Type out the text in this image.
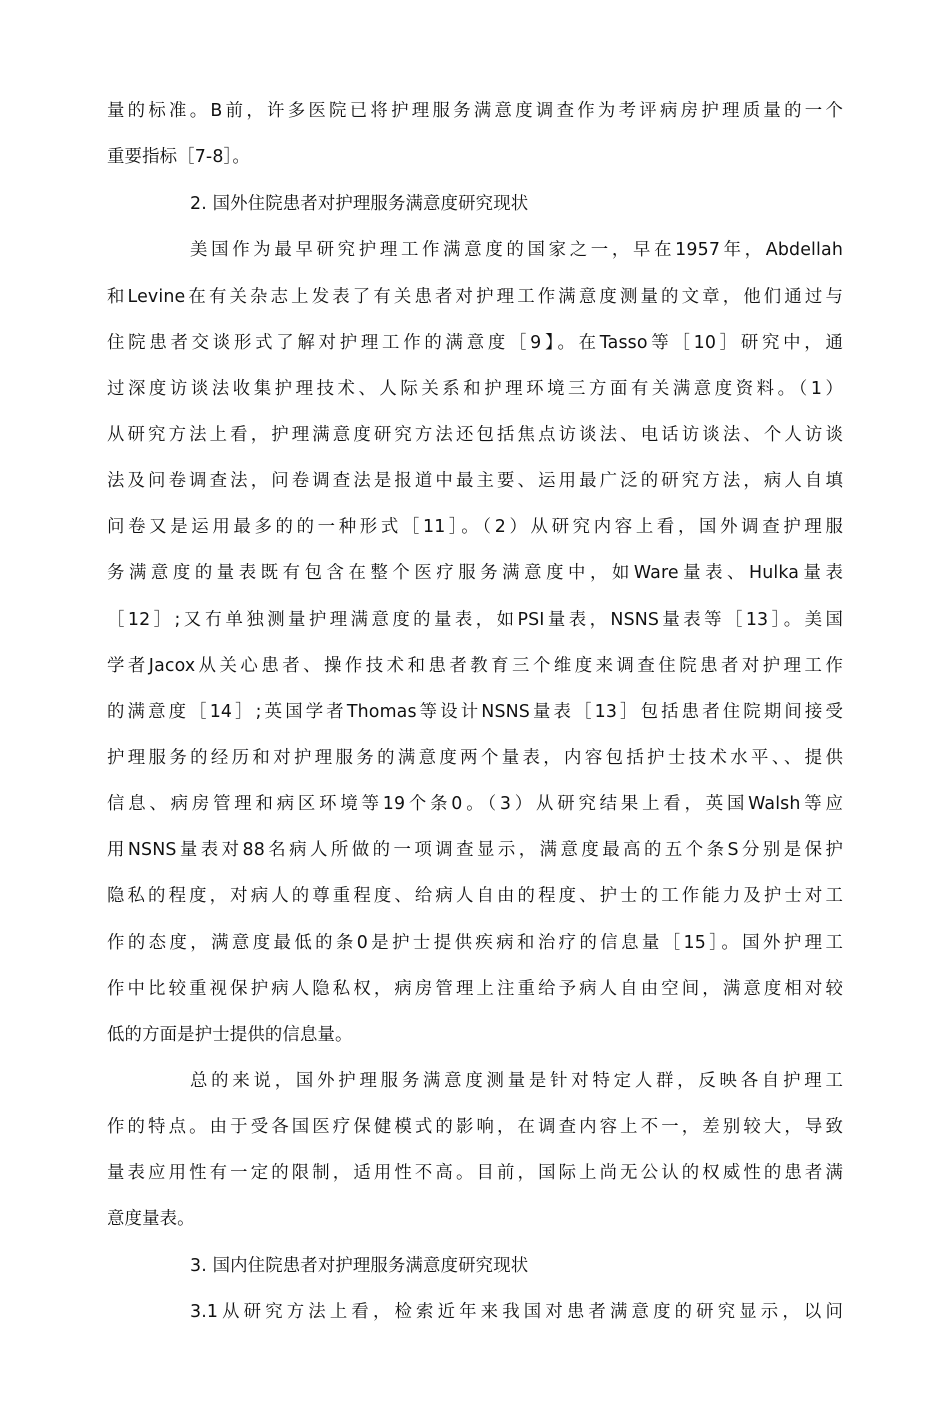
量的标准。B前，许多医院已将护理服务满意度调查作为考评病房护理质量的一个
重要指标［7-8］。
2. 国外住院患者对护理服务满意度研究现状
美国作为最早研究护理工作满意度的国家之一，早在1957年，Abdellah
和Levine在有关杂志上发表了有关患者对护理工作满意度测量的文章，他们通过与
住院患者交谈形式了解对护理工作的满意度［9】。在Tasso等［10］研究中，通
过深度访谈法收集护理技术、人际关系和护理环境三方面有关满意度资料。（1）
从研究方法上看，护理满意度研究方法还包括焦点访谈法、电话访谈法、个人访谈
法及问卷调查法，问卷调查法是报道中最主要、运用最广泛的研究方法，病人自填
问卷又是运用最多的的一种形式［11］。（2）从研究内容上看，国外调查护理服
务满意度的量表既有包含在整个医疗服务满意度中，如Ware量表、Hulka量表
［12］;又冇单独测量护理满意度的量表，如PSI量表，NSNS量表等［13］。美国
学者Jacox从关心患者、操作技术和患者教育三个维度来调查住院患者对护理工作
的满意度［14］;英国学者Thomas等设计NSNS量表［13］包括患者住院期间接受
护理服务的经历和对护理服务的满意度两个量表，内容包括护士技术水平、、提供
信息、病房管理和病区环境等19个条0。（3）从研究结果上看，英国Walsh等应
用NSNS量表对88名病人所做的一项调查显示，满意度最高的五个条S分别是保护
隐私的程度，对病人的尊重程度、给病人自由的程度、护士的工作能力及护士对工
作的态度，满意度最低的条0是护士提供疾病和治疗的信息量［15］。国外护理工
作中比较重视保护病人隐私权，病房管理上注重给予病人自由空间，满意度相对较
低的方面是护士提供的信息量。
总的来说，国外护理服务满意度测量是针对特定人群，反映各自护理工
作的特点。由于受各国医疗保健模式的影响，在调查内容上不一，差别较大，导致
量表应用性有一定的限制，适用性不高。目前，国际上尚无公认的权威性的患者满
意度量表。
3. 国内住院患者对护理服务满意度研究现状
3.1从研究方法上看，检索近年来我国对患者满意度的研究显示，以问
